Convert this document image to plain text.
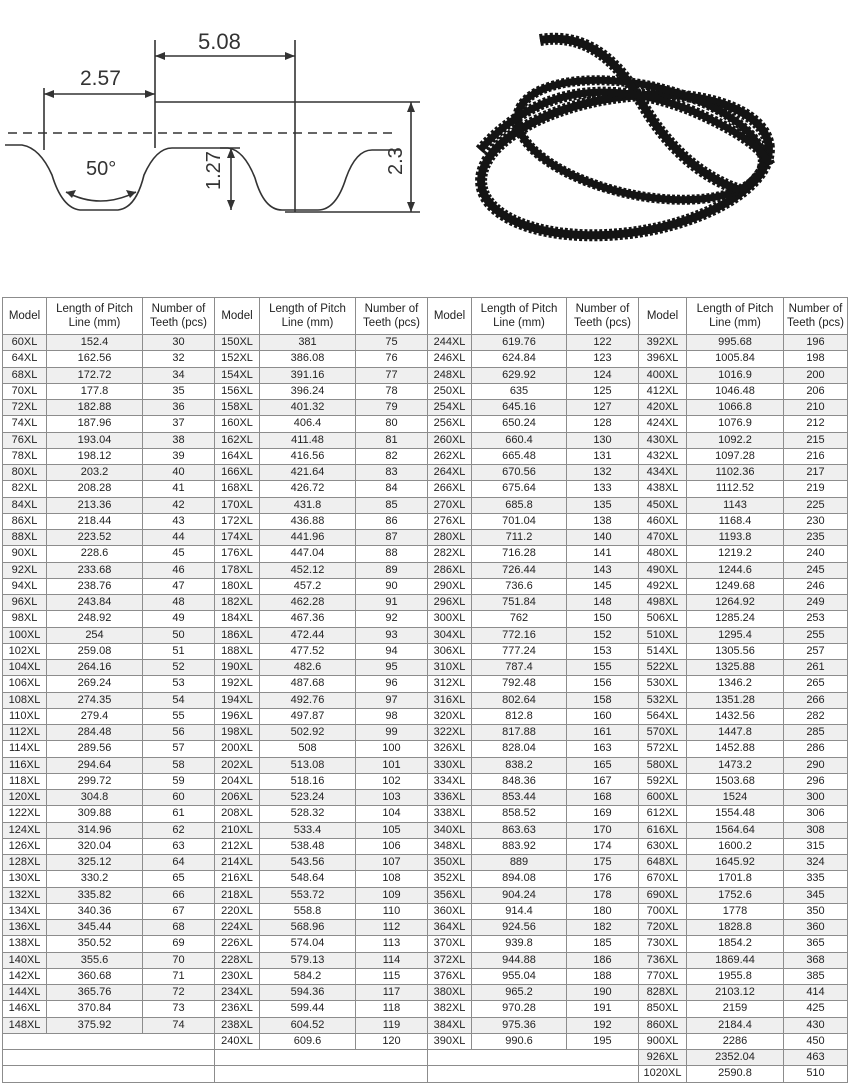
5.08
2.57
50°	1.27	2.3
Model	Length of Pitch Line (mm)	Number of Teeth (pcs)
60XL	152.4	30
64XL	162.56	32
68XL	172.72	34
70XL	177.8	35
72XL	182.88	36
74XL	187.96	37
76XL	193.04	38
78XL	198.12	39
80XL	203.2	40
82XL	208.28	41
84XL	213.36	42
86XL	218.44	43
88XL	223.52	44
90XL	228.6	45
92XL	233.68	46
94XL	238.76	47
96XL	243.84	48
98XL	248.92	49
100XL	254	50
102XL	259.08	51
104XL	264.16	52
106XL	269.24	53
108XL	274.35	54
110XL	279.4	55
112XL	284.48	56
114XL	289.56	57
116XL	294.64	58
118XL	299.72	59
120XL	304.8	60
122XL	309.88	61
124XL	314.96	62
126XL	320.04	63
128XL	325.12	64
130XL	330.2	65
132XL	335.82	66
134XL	340.36	67
136XL	345.44	68
138XL	350.52	69
140XL	355.6	70
142XL	360.68	71
144XL	365.76	72
146XL	370.84	73
148XL	375.92	74

Model	Length of Pitch Line (mm)	Number of Teeth (pcs)
150XL	381	75
152XL	386.08	76
154XL	391.16	77
156XL	396.24	78
158XL	401.32	79
160XL	406.4	80
162XL	411.48	81
164XL	416.56	82
166XL	421.64	83
168XL	426.72	84
170XL	431.8	85
172XL	436.88	86
174XL	441.96	87
176XL	447.04	88
178XL	452.12	89
180XL	457.2	90
182XL	462.28	91
184XL	467.36	92
186XL	472.44	93
188XL	477.52	94
190XL	482.6	95
192XL	487.68	96
194XL	492.76	97
196XL	497.87	98
198XL	502.92	99
200XL	508	100
202XL	513.08	101
204XL	518.16	102
206XL	523.24	103
208XL	528.32	104
210XL	533.4	105
212XL	538.48	106
214XL	543.56	107
216XL	548.64	108
218XL	553.72	109
220XL	558.8	110
224XL	568.96	112
226XL	574.04	113
228XL	579.13	114
230XL	584.2	115
234XL	594.36	117
236XL	599.44	118
238XL	604.52	119
240XL	609.6	120

Model	Length of Pitch Line (mm)	Number of Teeth (pcs)
244XL	619.76	122
246XL	624.84	123
248XL	629.92	124
250XL	635	125
254XL	645.16	127
256XL	650.24	128
260XL	660.4	130
262XL	665.48	131
264XL	670.56	132
266XL	675.64	133
270XL	685.8	135
276XL	701.04	138
280XL	711.2	140
282XL	716.28	141
286XL	726.44	143
290XL	736.6	145
296XL	751.84	148
300XL	762	150
304XL	772.16	152
306XL	777.24	153
310XL	787.4	155
312XL	792.48	156
316XL	802.64	158
320XL	812.8	160
322XL	817.88	161
326XL	828.04	163
330XL	838.2	165
334XL	848.36	167
336XL	853.44	168
338XL	858.52	169
340XL	863.63	170
348XL	883.92	174
350XL	889	175
352XL	894.08	176
356XL	904.24	178
360XL	914.4	180
364XL	924.56	182
370XL	939.8	185
372XL	944.88	186
376XL	955.04	188
380XL	965.2	190
382XL	970.28	191
384XL	975.36	192
390XL	990.6	195

Model	Length of Pitch Line (mm)	Number of Teeth (pcs)
392XL	995.68	196
396XL	1005.84	198
400XL	1016.9	200
412XL	1046.48	206
420XL	1066.8	210
424XL	1076.9	212
430XL	1092.2	215
432XL	1097.28	216
434XL	1102.36	217
438XL	1112.52	219
450XL	1143	225
460XL	1168.4	230
470XL	1193.8	235
480XL	1219.2	240
490XL	1244.6	245
492XL	1249.68	246
498XL	1264.92	249
506XL	1285.24	253
510XL	1295.4	255
514XL	1305.56	257
522XL	1325.88	261
530XL	1346.2	265
532XL	1351.28	266
564XL	1432.56	282
570XL	1447.8	285
572XL	1452.88	286
580XL	1473.2	290
592XL	1503.68	296
600XL	1524	300
612XL	1554.48	306
616XL	1564.64	308
630XL	1600.2	315
648XL	1645.92	324
670XL	1701.8	335
690XL	1752.6	345
700XL	1778	350
720XL	1828.8	360
730XL	1854.2	365
736XL	1869.44	368
770XL	1955.8	385
828XL	2103.12	414
850XL	2159	425
860XL	2184.4	430
900XL	2286	450
926XL	2352.04	463
1020XL	2590.8	510
